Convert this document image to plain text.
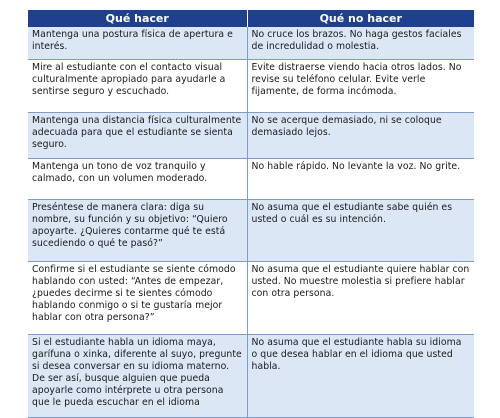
Qué hacer	Qué no hacer
Mantenga una postura física de apertura e interés.	No cruce los brazos. No haga gestos faciales de incredulidad o molestia.
Mire al estudiante con el contacto visual culturalmente apropiado para ayudarle a sentirse seguro y escuchado.	Evite distraerse viendo hacia otros lados. No revise su teléfono celular. Evite verle fijamente, de forma incómoda.
Mantenga una distancia física culturalmente adecuada para que el estudiante se sienta seguro.	No se acerque demasiado, ni se coloque demasiado lejos.
Mantenga un tono de voz tranquilo y calmado, con un volumen moderado.	No hable rápido. No levante la voz. No grite.
Preséntese de manera clara: diga su nombre, su función y su objetivo: “Quiero apoyarte. ¿Quieres contarme qué te está sucediendo o qué te pasó?”	No asuma que el estudiante sabe quién es usted o cuál es su intención.
Confirme si el estudiante se siente cómodo hablando con usted: “Antes de empezar, ¿puedes decirme si te sientes cómodo hablando conmigo o si te gustaría mejor hablar con otra persona?”	No asuma que el estudiante quiere hablar con usted. No muestre molestia si prefiere hablar con otra persona.
Si el estudiante habla un idioma maya, garífuna o xinka, diferente al suyo, pregunte si desea conversar en su idioma materno. De ser así, busque alguien que pueda apoyarle como intérprete u otra persona que le pueda escuchar en el idioma	No asuma que el estudiante habla su idioma o que desea hablar en el idioma que usted habla.
